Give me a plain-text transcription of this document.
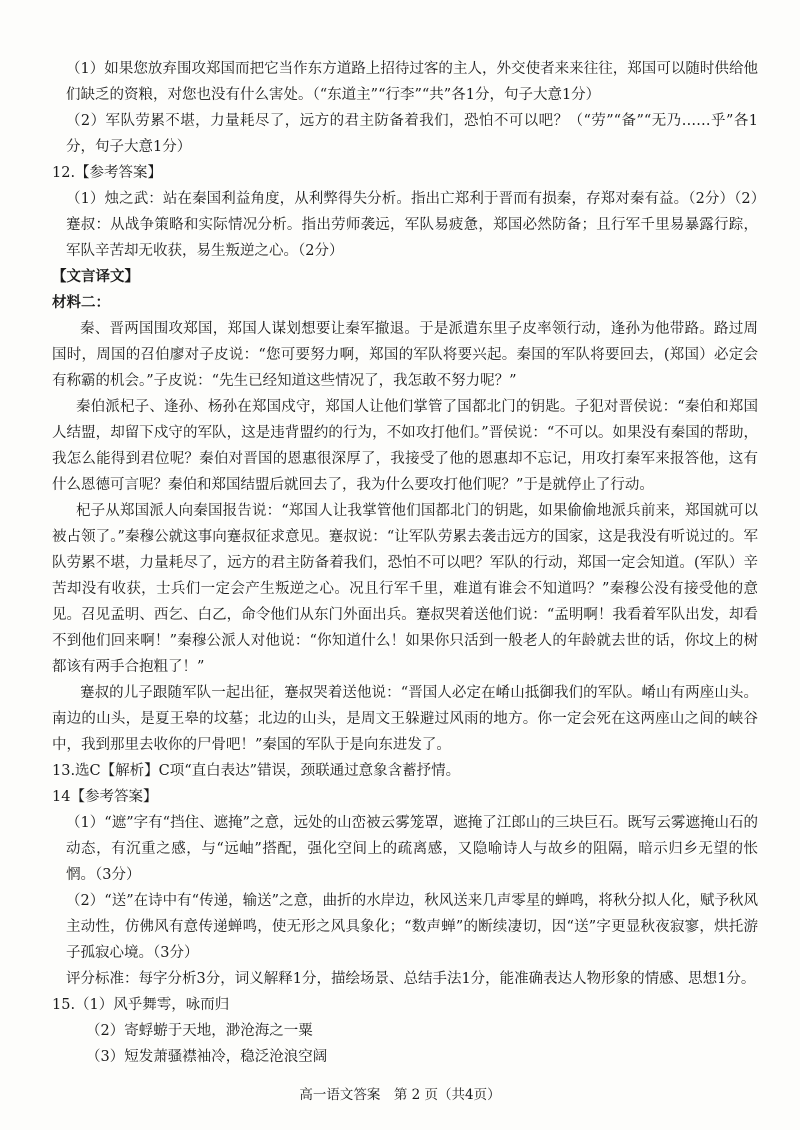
（1）如果您放弃围攻郑国而把它当作东方道路上招待过客的主人，外交使者来来往往，郑国可以随时供给他们缺乏的资粮，对您也没有什么害处。（“东道主”“行李”“共”各1分，句子大意1分）

（2）军队劳累不堪，力量耗尽了，远方的君主防备着我们，恐怕不可以吧？（“劳”“备”“无乃……乎”各1分，句子大意1分）

12.【参考答案】

（1）烛之武：站在秦国利益角度，从利弊得失分析。指出亡郑利于晋而有损秦，存郑对秦有益。（2分）（2）蹇叔：从战争策略和实际情况分析。指出劳师袭远，军队易疲惫，郑国必然防备；且行军千里易暴露行踪，军队辛苦却无收获，易生叛逆之心。（2分）

【文言译文】

材料二：

秦、晋两国围攻郑国，郑国人谋划想要让秦军撤退。于是派遣东里子皮率领行动，逢孙为他带路。路过周国时，周国的召伯廖对子皮说：“您可要努力啊，郑国的军队将要兴起。秦国的军队将要回去，(郑国）必定会有称霸的机会。”子皮说：“先生已经知道这些情况了，我怎敢不努力呢？”

秦伯派杞子、逢孙、杨孙在郑国戍守，郑国人让他们掌管了国都北门的钥匙。子犯对晋侯说：“秦伯和郑国人结盟，却留下戍守的军队，这是违背盟约的行为，不如攻打他们。”晋侯说：“不可以。如果没有秦国的帮助，我怎么能得到君位呢？秦伯对晋国的恩惠很深厚了，我接受了他的恩惠却不忘记，用攻打秦军来报答他，这有什么恩德可言呢？秦伯和郑国结盟后就回去了，我为什么要攻打他们呢？”于是就停止了行动。

杞子从郑国派人向秦国报告说：“郑国人让我掌管他们国都北门的钥匙，如果偷偷地派兵前来，郑国就可以被占领了。”秦穆公就这事向蹇叔征求意见。蹇叔说：“让军队劳累去袭击远方的国家，这是我没有听说过的。军队劳累不堪，力量耗尽了，远方的君主防备着我们，恐怕不可以吧？军队的行动，郑国一定会知道。(军队）辛苦却没有收获，士兵们一定会产生叛逆之心。况且行军千里，难道有谁会不知道吗？”秦穆公没有接受他的意见。召见孟明、西乞、白乙，命令他们从东门外面出兵。蹇叔哭着送他们说：“孟明啊！我看着军队出发，却看不到他们回来啊！”秦穆公派人对他说：“你知道什么！如果你只活到一般老人的年龄就去世的话，你坟上的树都该有两手合抱粗了！”

蹇叔的儿子跟随军队一起出征，蹇叔哭着送他说：“晋国人必定在崤山抵御我们的军队。崤山有两座山头。南边的山头，是夏王皋的坟墓；北边的山头，是周文王躲避过风雨的地方。你一定会死在这两座山之间的峡谷中，我到那里去收你的尸骨吧！”秦国的军队于是向东进发了。

13.选C【解析】C项“直白表达”错误，颈联通过意象含蓄抒情。

14【参考答案】

（1）“遮”字有“挡住、遮掩”之意，远处的山峦被云雾笼罩，遮掩了江郎山的三块巨石。既写云雾遮掩山石的动态，有沉重之感，与“远岫”搭配，强化空间上的疏离感，又隐喻诗人与故乡的阻隔，暗示归乡无望的怅惘。（3分）

（2）“送”在诗中有“传递，输送”之意，曲折的水岸边，秋风送来几声零星的蝉鸣，将秋分拟人化，赋予秋风主动性，仿佛风有意传递蝉鸣，使无形之风具象化；“数声蝉”的断续凄切，因“送”字更显秋夜寂寥，烘托游子孤寂心境。（3分）

评分标准：每字分析3分，词义解释1分，描绘场景、总结手法1分，能准确表达人物形象的情感、思想1分。

15.（1）风乎舞雩，咏而归

（2）寄蜉蝣于天地，渺沧海之一粟

（3）短发萧骚襟袖冷，稳泛沧浪空阔

高一语文答案　第 2 页（共4页）
